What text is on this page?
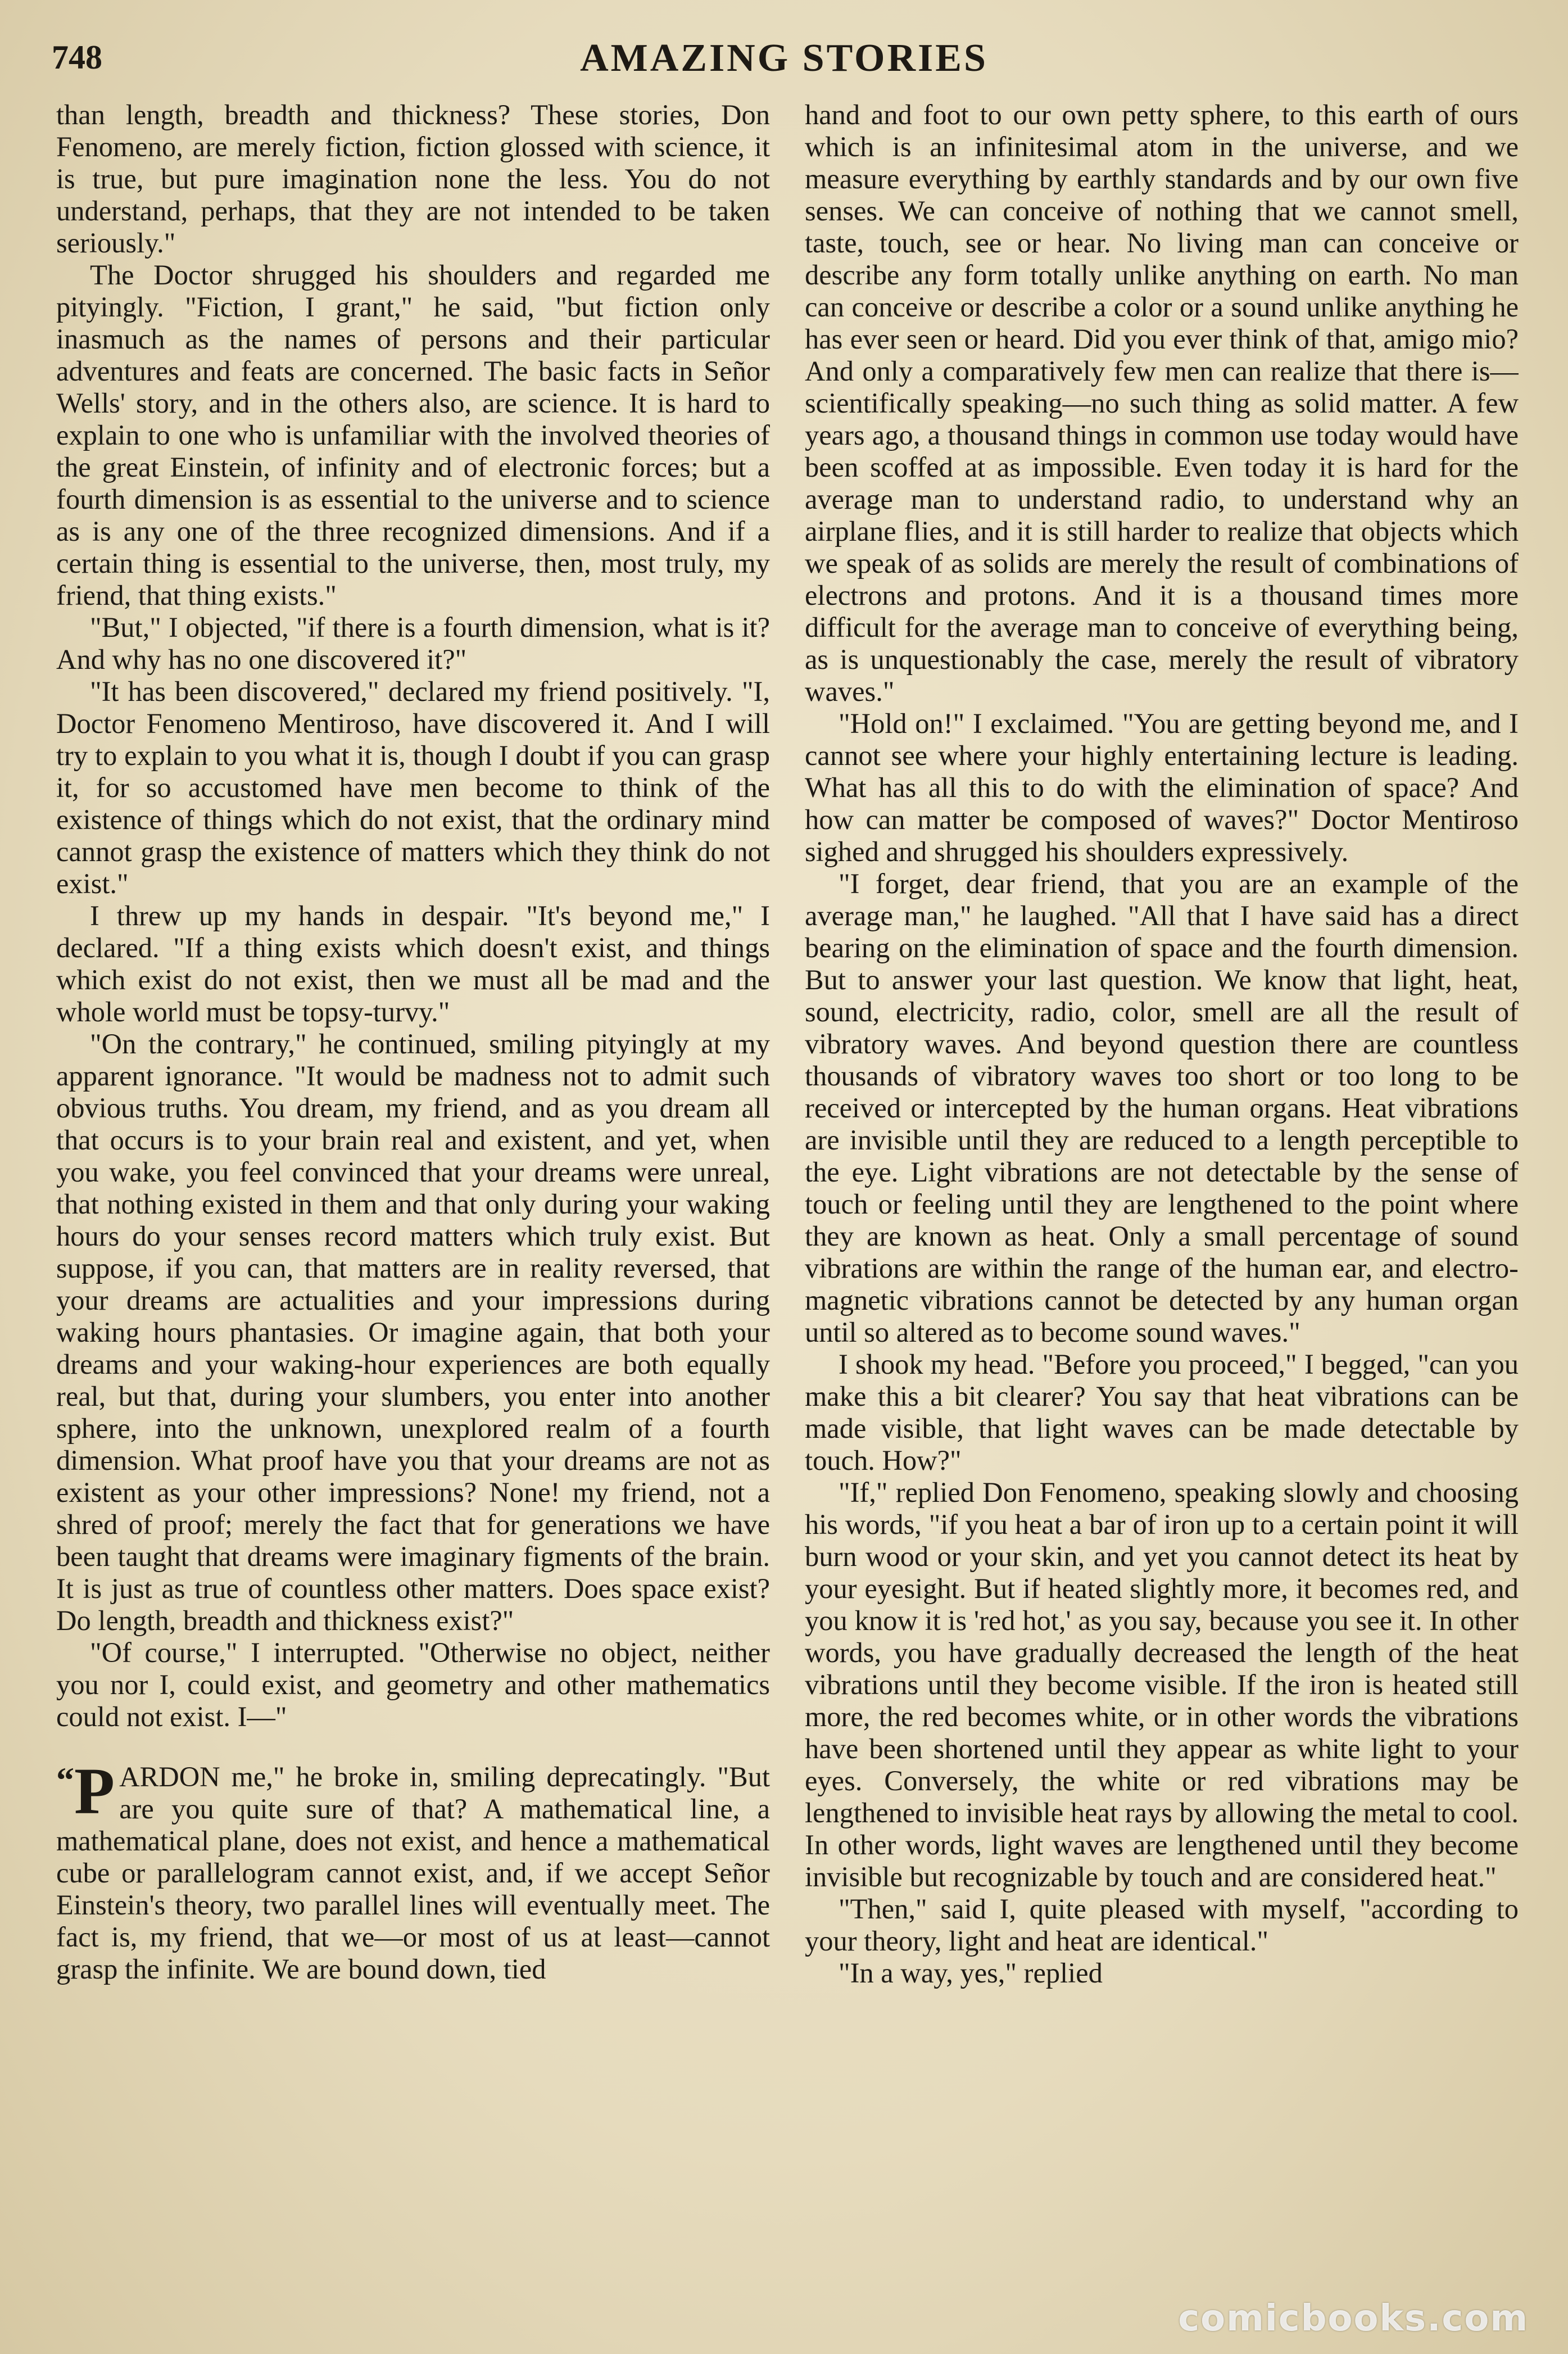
748	AMAZING STORIES

than length, breadth and thickness? These stories, Don Fenomeno, are merely fiction, fiction glossed with science, it is true, but pure imagination none the less. You do not understand, perhaps, that they are not intended to be taken seriously."

The Doctor shrugged his shoulders and regarded me pityingly. "Fiction, I grant," he said, "but fiction only inasmuch as the names of persons and their particular adventures and feats are concerned. The basic facts in Señor Wells' story, and in the others also, are science. It is hard to explain to one who is unfamiliar with the involved theories of the great Einstein, of infinity and of electronic forces; but a fourth dimension is as essential to the universe and to science as is any one of the three recognized dimensions. And if a certain thing is essential to the universe, then, most truly, my friend, that thing exists."

"But," I objected, "if there is a fourth dimension, what is it? And why has no one discovered it?"

"It has been discovered," declared my friend positively. "I, Doctor Fenomeno Mentiroso, have discovered it. And I will try to explain to you what it is, though I doubt if you can grasp it, for so accustomed have men become to think of the existence of things which do not exist, that the ordinary mind cannot grasp the existence of matters which they think do not exist."

I threw up my hands in despair. "It's beyond me," I declared. "If a thing exists which doesn't exist, and things which exist do not exist, then we must all be mad and the whole world must be topsy-turvy."

"On the contrary," he continued, smiling pityingly at my apparent ignorance. "It would be madness not to admit such obvious truths. You dream, my friend, and as you dream all that occurs is to your brain real and existent, and yet, when you wake, you feel convinced that your dreams were unreal, that nothing existed in them and that only during your waking hours do your senses record matters which truly exist. But suppose, if you can, that matters are in reality reversed, that your dreams are actualities and your impressions during waking hours phantasies. Or imagine again, that both your dreams and your waking-hour experiences are both equally real, but that, during your slumbers, you enter into another sphere, into the unknown, unexplored realm of a fourth dimension. What proof have you that your dreams are not as existent as your other impressions? None! my friend, not a shred of proof; merely the fact that for generations we have been taught that dreams were imaginary figments of the brain. It is just as true of countless other matters. Does space exist? Do length, breadth and thickness exist?"

"Of course," I interrupted. "Otherwise no object, neither you nor I, could exist, and geometry and other mathematics could not exist. I—"

“P ARDON me," he broke in, smiling deprecatingly. "But are you quite sure of that? A mathematical line, a mathematical plane, does not exist, and hence a mathematical cube or parallelogram cannot exist, and, if we accept Señor Einstein's theory, two parallel lines will eventually meet. The fact is, my friend, that we—or most of us at least—cannot grasp the infinite. We are bound down, tied

hand and foot to our own petty sphere, to this earth of ours which is an infinitesimal atom in the universe, and we measure everything by earthly standards and by our own five senses. We can conceive of nothing that we cannot smell, taste, touch, see or hear. No living man can conceive or describe any form totally unlike anything on earth. No man can conceive or describe a color or a sound unlike anything he has ever seen or heard. Did you ever think of that, amigo mio? And only a comparatively few men can realize that there is—scientifically speaking—no such thing as solid matter. A few years ago, a thousand things in common use today would have been scoffed at as impossible. Even today it is hard for the average man to understand radio, to understand why an airplane flies, and it is still harder to realize that objects which we speak of as solids are merely the result of combinations of electrons and protons. And it is a thousand times more difficult for the average man to conceive of everything being, as is unquestionably the case, merely the result of vibratory waves."

"Hold on!" I exclaimed. "You are getting beyond me, and I cannot see where your highly entertaining lecture is leading. What has all this to do with the elimination of space? And how can matter be composed of waves?" Doctor Mentiroso sighed and shrugged his shoulders expressively.

"I forget, dear friend, that you are an example of the average man," he laughed. "All that I have said has a direct bearing on the elimination of space and the fourth dimension. But to answer your last question. We know that light, heat, sound, electricity, radio, color, smell are all the result of vibratory waves. And beyond question there are countless thousands of vibratory waves too short or too long to be received or intercepted by the human organs. Heat vibrations are invisible until they are reduced to a length perceptible to the eye. Light vibrations are not detectable by the sense of touch or feeling until they are lengthened to the point where they are known as heat. Only a small percentage of sound vibrations are within the range of the human ear, and electro-magnetic vibrations cannot be detected by any human organ until so altered as to become sound waves."

I shook my head. "Before you proceed," I begged, "can you make this a bit clearer? You say that heat vibrations can be made visible, that light waves can be made detectable by touch. How?"

"If," replied Don Fenomeno, speaking slowly and choosing his words, "if you heat a bar of iron up to a certain point it will burn wood or your skin, and yet you cannot detect its heat by your eyesight. But if heated slightly more, it becomes red, and you know it is 'red hot,' as you say, because you see it. In other words, you have gradually decreased the length of the heat vibrations until they become visible. If the iron is heated still more, the red becomes white, or in other words the vibrations have been shortened until they appear as white light to your eyes. Conversely, the white or red vibrations may be lengthened to invisible heat rays by allowing the metal to cool. In other words, light waves are lengthened until they become invisible but recognizable by touch and are considered heat."

"Then," said I, quite pleased with myself, "according to your theory, light and heat are identical."

"In a way, yes," replied

comicbooks.com
